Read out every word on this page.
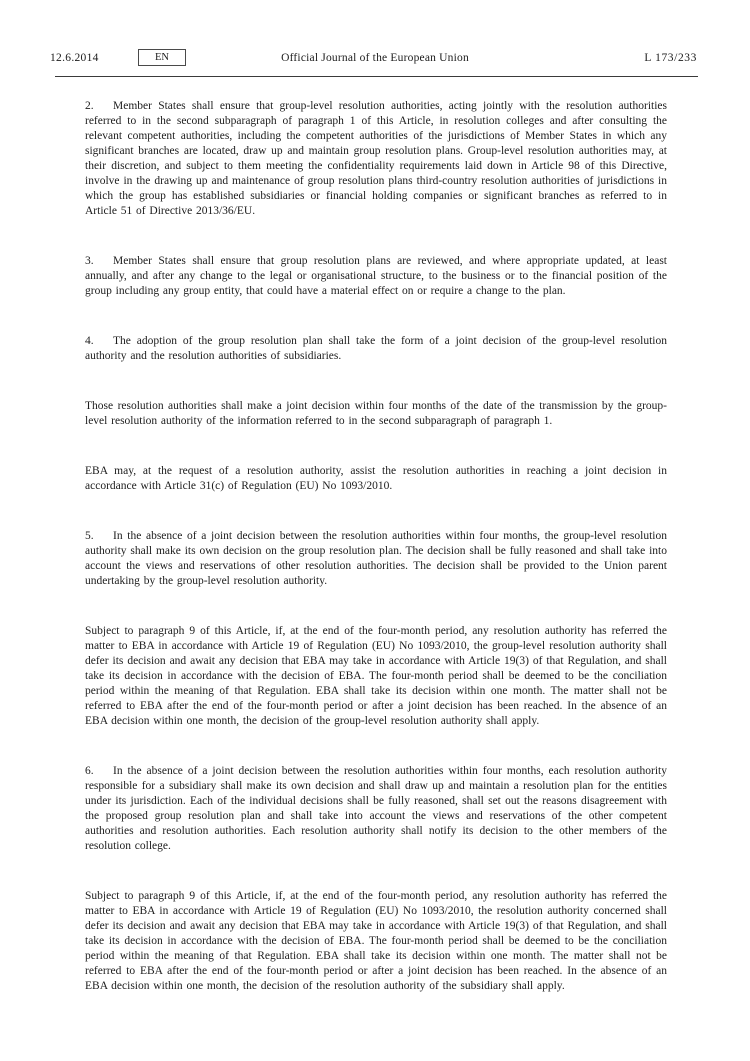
12.6.2014	EN	Official Journal of the European Union	L 173/233

2. Member States shall ensure that group-level resolution authorities, acting jointly with the resolution authorities referred to in the second subparagraph of paragraph 1 of this Article, in resolution colleges and after consulting the relevant competent authorities, including the competent authorities of the jurisdictions of Member States in which any significant branches are located, draw up and maintain group resolution plans. Group-level resolution authorities may, at their discretion, and subject to them meeting the confidentiality requirements laid down in Article 98 of this Directive, involve in the drawing up and maintenance of group resolution plans third-country resolution authorities of jurisdictions in which the group has established subsidiaries or financial holding companies or significant branches as referred to in Article 51 of Directive 2013/36/EU.

3. Member States shall ensure that group resolution plans are reviewed, and where appropriate updated, at least annually, and after any change to the legal or organisational structure, to the business or to the financial position of the group including any group entity, that could have a material effect on or require a change to the plan.

4. The adoption of the group resolution plan shall take the form of a joint decision of the group-level resolution authority and the resolution authorities of subsidiaries.

Those resolution authorities shall make a joint decision within four months of the date of the transmission by the group-level resolution authority of the information referred to in the second subparagraph of paragraph 1.

EBA may, at the request of a resolution authority, assist the resolution authorities in reaching a joint decision in accordance with Article 31(c) of Regulation (EU) No 1093/2010.

5. In the absence of a joint decision between the resolution authorities within four months, the group-level resolution authority shall make its own decision on the group resolution plan. The decision shall be fully reasoned and shall take into account the views and reservations of other resolution authorities. The decision shall be provided to the Union parent undertaking by the group-level resolution authority.

Subject to paragraph 9 of this Article, if, at the end of the four-month period, any resolution authority has referred the matter to EBA in accordance with Article 19 of Regulation (EU) No 1093/2010, the group-level resolution authority shall defer its decision and await any decision that EBA may take in accordance with Article 19(3) of that Regulation, and shall take its decision in accordance with the decision of EBA. The four-month period shall be deemed to be the conciliation period within the meaning of that Regulation. EBA shall take its decision within one month. The matter shall not be referred to EBA after the end of the four-month period or after a joint decision has been reached. In the absence of an EBA decision within one month, the decision of the group-level resolution authority shall apply.

6. In the absence of a joint decision between the resolution authorities within four months, each resolution authority responsible for a subsidiary shall make its own decision and shall draw up and maintain a resolution plan for the entities under its jurisdiction. Each of the individual decisions shall be fully reasoned, shall set out the reasons disagreement with the proposed group resolution plan and shall take into account the views and reservations of the other competent authorities and resolution authorities. Each resolution authority shall notify its decision to the other members of the resolution college.

Subject to paragraph 9 of this Article, if, at the end of the four-month period, any resolution authority has referred the matter to EBA in accordance with Article 19 of Regulation (EU) No 1093/2010, the resolution authority concerned shall defer its decision and await any decision that EBA may take in accordance with Article 19(3) of that Regulation, and shall take its decision in accordance with the decision of EBA. The four-month period shall be deemed to be the conciliation period within the meaning of that Regulation. EBA shall take its decision within one month. The matter shall not be referred to EBA after the end of the four-month period or after a joint decision has been reached. In the absence of an EBA decision within one month, the decision of the resolution authority of the subsidiary shall apply.
